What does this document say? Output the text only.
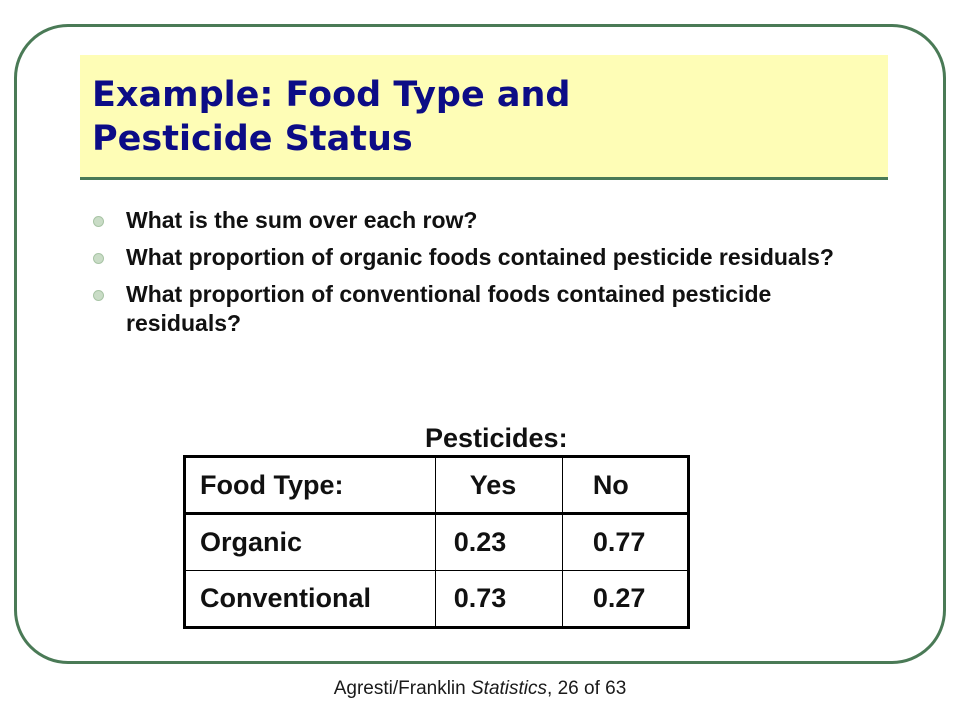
Example: Food Type and
Pesticide Status
What is the sum over each row?
What proportion of organic foods contained pesticide residuals?
What proportion of conventional foods contained pesticide residuals?
Pesticides:
Food Type:	Yes	No
Organic	0.23	0.77
Conventional	0.73	0.27
Agresti/Franklin Statistics, 26 of 63
